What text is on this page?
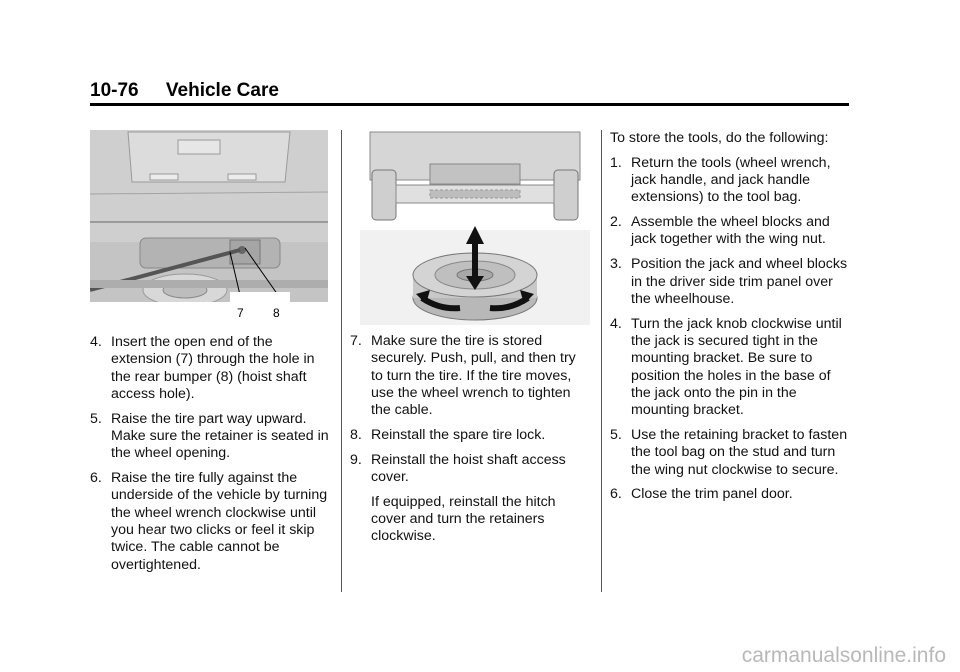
10-76 Vehicle Care
7 8
4. Insert the open end of the extension (7) through the hole in the rear bumper (8) (hoist shaft access hole).
5. Raise the tire part way upward. Make sure the retainer is seated in the wheel opening.
6. Raise the tire fully against the underside of the vehicle by turning the wheel wrench clockwise until you hear two clicks or feel it skip twice. The cable cannot be overtightened.
7. Make sure the tire is stored securely. Push, pull, and then try to turn the tire. If the tire moves, use the wheel wrench to tighten the cable.
8. Reinstall the spare tire lock.
9. Reinstall the hoist shaft access cover.
If equipped, reinstall the hitch cover and turn the retainers clockwise.
To store the tools, do the following:
1. Return the tools (wheel wrench, jack handle, and jack handle extensions) to the tool bag.
2. Assemble the wheel blocks and jack together with the wing nut.
3. Position the jack and wheel blocks in the driver side trim panel over the wheelhouse.
4. Turn the jack knob clockwise until the jack is secured tight in the mounting bracket. Be sure to position the holes in the base of the jack onto the pin in the mounting bracket.
5. Use the retaining bracket to fasten the tool bag on the stud and turn the wing nut clockwise to secure.
6. Close the trim panel door.
carmanualsonline.info
